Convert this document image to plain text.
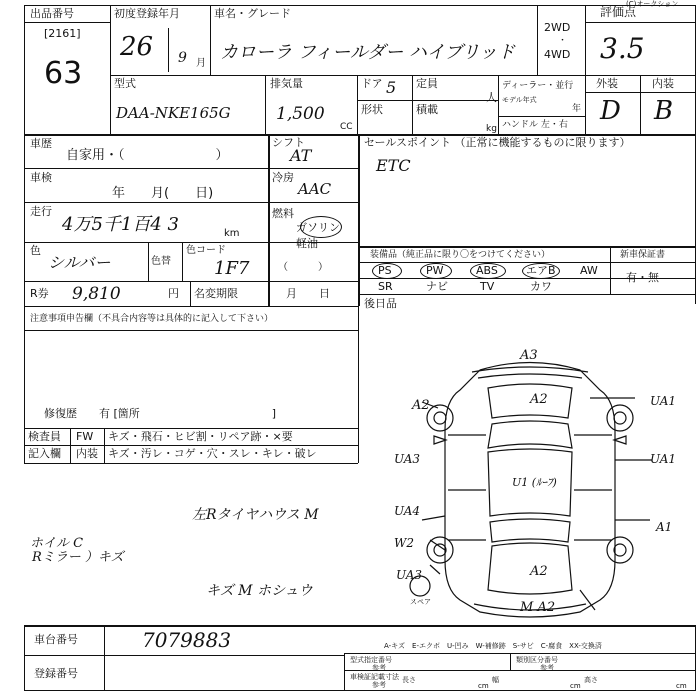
出品番号
[2161]
63
初度登録年月
26 9 月
車名・グレード
カローラ フィールダー ハイブリッド
2WD
・
4WD
評価点
(C)オークション
3.5
型式
DAA-NKE165G
排気量
1,500
CC
ドア 5 定員
人
ディーラー・並行
形状	積載
kg
モデル年式
年
ハンドル 左・右
外装	内装
D B
車歴
自家用・（　　　　　　　）
車検
年　　月(　　日)
走行
4万5千1百4 3	km
色
シルバー	色替
色コード
1F7
R券 9,810	円 名変期限	月　　日
シフト
AT
冷房
AAC
燃料
ガソリン
軽油
（　　　）
セールスポイント （正常に機能するものに限ります）
ETC
装備品（純正品に限り〇をつけてください）	新車保証書
有・無
PS	PW	ABS	エアB AW
SR	ナビ	TV	カワ
後日品
注意事項申告欄（不具合内容等は具体的に記入して下さい）
修復歴　　有 [箇所　　　　　　　　　　　　]
検査員 FW キズ・飛石・ヒビ割・リペア跡・×要
記入欄 内装 キズ・汚レ・コゲ・穴・スレ・キレ・破レ
左Rタイヤハウス M
ホイル C
Rミラー ）キズ
キズ M ホシュウ
A3
A2
A2	UA1
UA3	UA1
U1 (ﾙｰﾌ)
UA4
A1
W2
A2
UA3
M A2
スペア
車台番号	7079883
登録番号
A-キズ　E-エクボ　U-凹み　W-補修跡　S-サビ　C-腐食　XX-交換済
型式指定番号
参考
類別区分番号
参考
車検証記載寸法
参考
長さ
cm
幅
cm
高さ
cm
